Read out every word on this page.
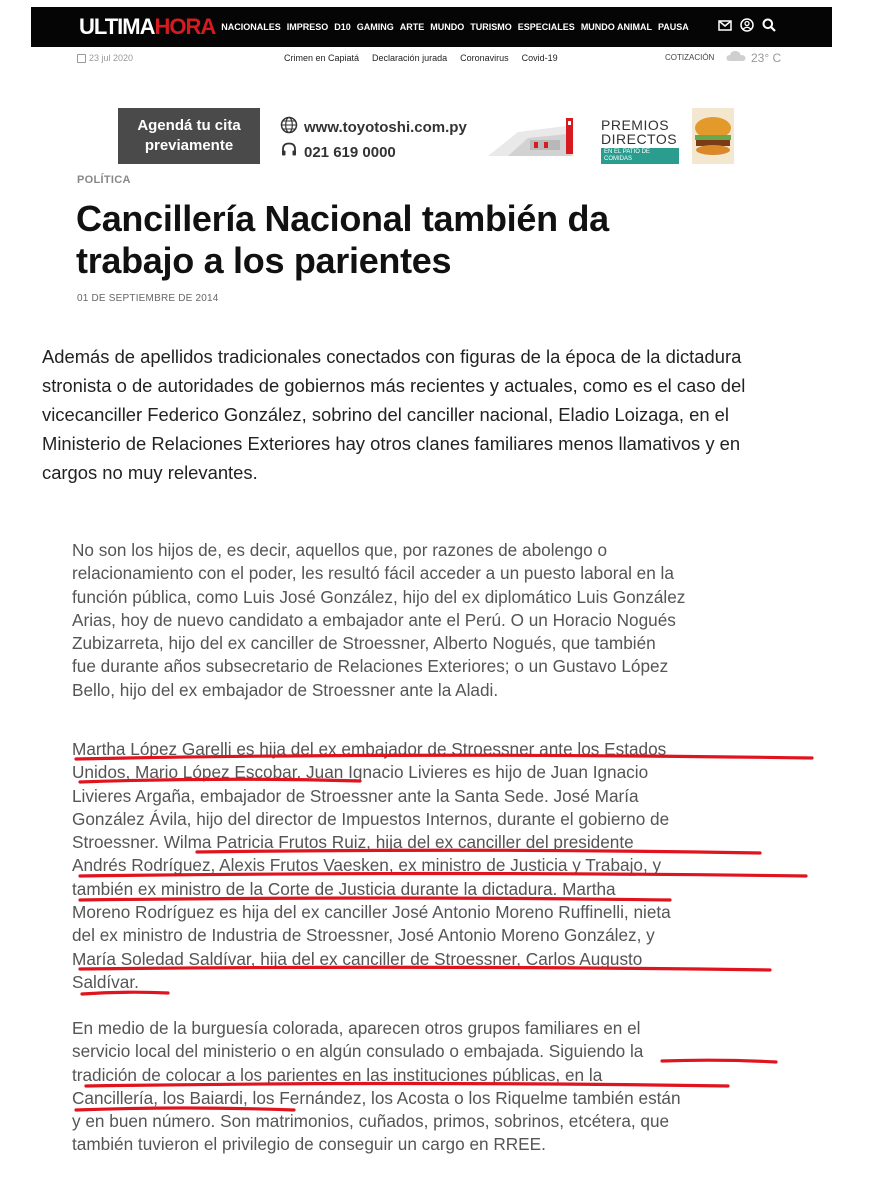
ULTIMA HORA NACIONALES IMPRESO D10 GAMING ARTE MUNDO TURISMO ESPECIALES MUNDO ANIMAL PAUSA
23 jul 2020	Crimen en Capiatá Declaración jurada Coronavirus Covid-19	COTIZACIÓN	23° C
Agendá tu cita
previamente
www.toyotoshi.com.py
021 619 0000
PREMIOS
DIRECTOS
EN EL PATIO DE COMIDAS
POLÍTICA
Cancillería Nacional también da
trabajo a los parientes
01 DE SEPTIEMBRE DE 2014
Además de apellidos tradicionales conectados con figuras de la época de la dictadura
stronista o de autoridades de gobiernos más recientes y actuales, como es el caso del
vicecanciller Federico González, sobrino del canciller nacional, Eladio Loizaga, en el
Ministerio de Relaciones Exteriores hay otros clanes familiares menos llamativos y en
cargos no muy relevantes.
No son los hijos de, es decir, aquellos que, por razones de abolengo o
relacionamiento con el poder, les resultó fácil acceder a un puesto laboral en la
función pública, como Luis José González, hijo del ex diplomático Luis González
Arias, hoy de nuevo candidato a embajador ante el Perú. O un Horacio Nogués
Zubizarreta, hijo del ex canciller de Stroessner, Alberto Nogués, que también
fue durante años subsecretario de Relaciones Exteriores; o un Gustavo López
Bello, hijo del ex embajador de Stroessner ante la Aladi.
Martha López Garelli es hija del ex embajador de Stroessner ante los Estados
Unidos, Mario López Escobar. Juan Ignacio Livieres es hijo de Juan Ignacio
Livieres Argaña, embajador de Stroessner ante la Santa Sede. José María
González Ávila, hijo del director de Impuestos Internos, durante el gobierno de
Stroessner. Wilma Patricia Frutos Ruiz, hija del ex canciller del presidente
Andrés Rodríguez, Alexis Frutos Vaesken, ex ministro de Justicia y Trabajo, y
también ex ministro de la Corte de Justicia durante la dictadura. Martha
Moreno Rodríguez es hija del ex canciller José Antonio Moreno Ruffinelli, nieta
del ex ministro de Industria de Stroessner, José Antonio Moreno González, y
María Soledad Saldívar, hija del ex canciller de Stroessner, Carlos Augusto
Saldívar.
En medio de la burguesía colorada, aparecen otros grupos familiares en el
servicio local del ministerio o en algún consulado o embajada. Siguiendo la
tradición de colocar a los parientes en las instituciones públicas, en la
Cancillería, los Baiardi, los Fernández, los Acosta o los Riquelme también están
y en buen número. Son matrimonios, cuñados, primos, sobrinos, etcétera, que
también tuvieron el privilegio de conseguir un cargo en RREE.
